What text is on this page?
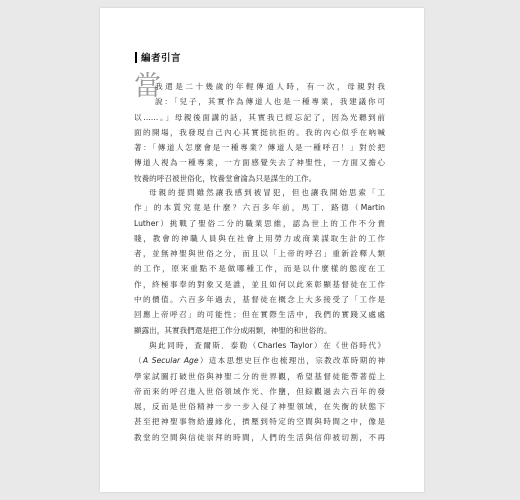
編者引言
當
我還是二十幾歲的年輕傳道人時，有一次，母親對我
說：「兒子，其實作為傳道人也是一種專業，我建議你可
以……。」母親後面講的話，其實我已經忘記了，因為光聽到前
面的開場，我發現自己內心其實挺抗拒的。我的內心似乎在吶喊
著：「傳道人怎麼會是一種專業？傳道人是一種呼召！」對於把
傳道人視為一種專業，一方面感覺失去了神聖性，一方面又擔心
牧養的呼召被世俗化，牧養堂會淪為只是謀生的工作。
母親的提問雖然讓我感到被冒犯，但也讓我開始思索「工
作」的本質究竟是什麼？六百多年前，馬丁．路德（Martin
Luther）挑戰了聖俗二分的職業思維，認為世上的工作不分貴
賤，教會的神職人員與在社會上用勞力或商業謀取生計的工作
者，並無神聖與世俗之分，而且以「上帝的呼召」重新詮釋人類
的工作，原來重點不是做哪種工作，而是以什麼樣的態度在工
作，終極事奉的對象又是誰，並且如何以此來彰顯基督徒在工作
中的價值。六百多年過去，基督徒在概念上大多接受了「工作是
回應上帝呼召」的可能性；但在實際生活中，我們的實踐又處處
顯露出，其實我們還是把工作分成兩類，神聖的和世俗的。
與此同時，查爾斯．泰勒（Charles Taylor）在《世俗時代》
（A Secular Age）這本思想史巨作也梳理出，宗教改革時期的神
學家試圖打破世俗與神聖二分的世界觀，希望基督徒能帶著從上
帝而來的呼召進入世俗領域作光、作鹽，但綜觀過去六百年的發
展，反而是世俗精神一步一步入侵了神聖領域，在失衡的狀態下
甚至把神聖事物給邊緣化，擠壓到特定的空間與時間之中，像是
教堂的空間與信徒崇拜的時間，人們的生活與信仰被切割，不再
